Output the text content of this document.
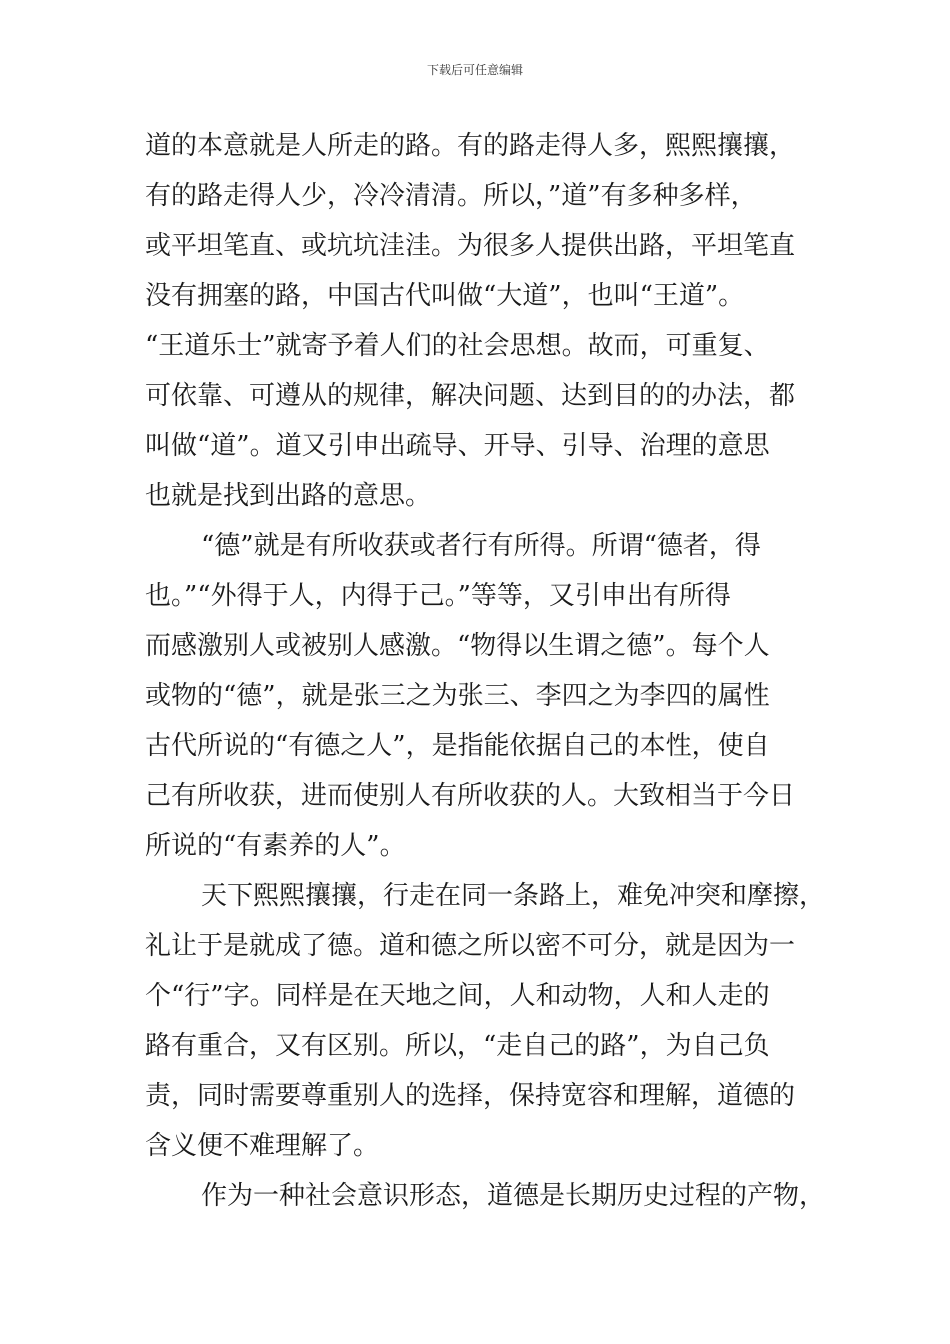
下载后可任意编辑
道的本意就是人所走的路。有的路走得人多，熙熙攘攘，
有的路走得人少，冷冷清清。所以，”道”有多种多样，
或平坦笔直、或坑坑洼洼。为很多人提供出路，平坦笔直
没有拥塞的路，中国古代叫做“大道”，也叫“王道”。
“王道乐士”就寄予着人们的社会思想。故而，可重复、
可依靠、可遵从的规律，解决问题、达到目的的办法，都
叫做“道”。道又引申出疏导、开导、引导、治理的意思
也就是找到出路的意思。
“德”就是有所收获或者行有所得。所谓“德者，得
也。”“外得于人，内得于己。”等等，又引申出有所得
而感激别人或被别人感激。“物得以生谓之德”。每个人
或物的“德”，就是张三之为张三、李四之为李四的属性
古代所说的“有德之人”，是指能依据自己的本性，使自
己有所收获，进而使别人有所收获的人。大致相当于今日
所说的“有素养的人”。
天下熙熙攘攘，行走在同一条路上，难免冲突和摩擦，
礼让于是就成了德。道和德之所以密不可分，就是因为一
个“行”字。同样是在天地之间，人和动物，人和人走的
路有重合，又有区别。所以，“走自己的路”，为自己负
责，同时需要尊重别人的选择，保持宽容和理解，道德的
含义便不难理解了。
作为一种社会意识形态，道德是长期历史过程的产物，
